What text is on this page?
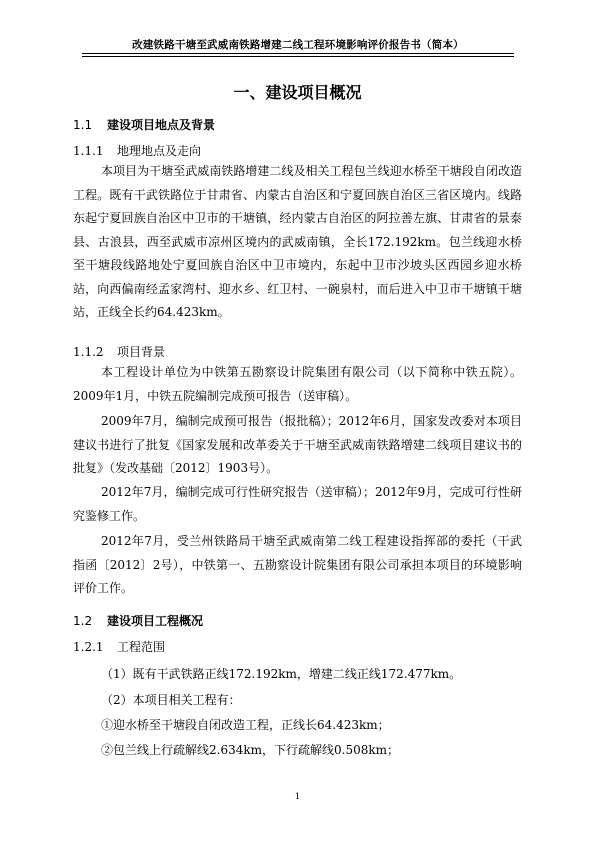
改建铁路干塘至武威南铁路增建二线工程环境影响评价报告书（简本）
一、建设项目概况
1.1 建设项目地点及背景
1.1.1 地理地点及走向

本项目为干塘至武威南铁路增建二线及相关工程包兰线迎水桥至干塘段自闭改造工程。既有干武铁路位于甘肃省、内蒙古自治区和宁夏回族自治区三省区境内。线路东起宁夏回族自治区中卫市的干塘镇，经内蒙古自治区的阿拉善左旗、甘肃省的景泰县、古浪县，西至武威市凉州区境内的武威南镇，全长172.192km。包兰线迎水桥至干塘段线路地处宁夏回族自治区中卫市境内，东起中卫市沙坡头区西园乡迎水桥站，向西偏南经孟家湾村、迎水乡、红卫村、一碗泉村，而后进入中卫市干塘镇干塘站，正线全长约64.423km。

1.1.2 项目背景

本工程设计单位为中铁第五勘察设计院集团有限公司（以下简称中铁五院）。2009年1月，中铁五院编制完成预可报告（送审稿）。

2009年7月，编制完成预可报告（报批稿）；2012年6月，国家发改委对本项目建议书进行了批复《国家发展和改革委关于干塘至武威南铁路增建二线项目建议书的批复》（发改基础〔2012〕1903号）。

2012年7月，编制完成可行性研究报告（送审稿）；2012年9月，完成可行性研究鉴修工作。

2012年7月，受兰州铁路局干塘至武威南第二线工程建设指挥部的委托（干武指函〔2012〕2号），中铁第一、五勘察设计院集团有限公司承担本项目的环境影响评价工作。

1.2 建设项目工程概况
1.2.1 工程范围
（1）既有干武铁路正线172.192km，增建二线正线172.477km。
（2）本项目相关工程有：
①迎水桥至干塘段自闭改造工程，正线长64.423km；
②包兰线上行疏解线2.634km，下行疏解线0.508km；
1
